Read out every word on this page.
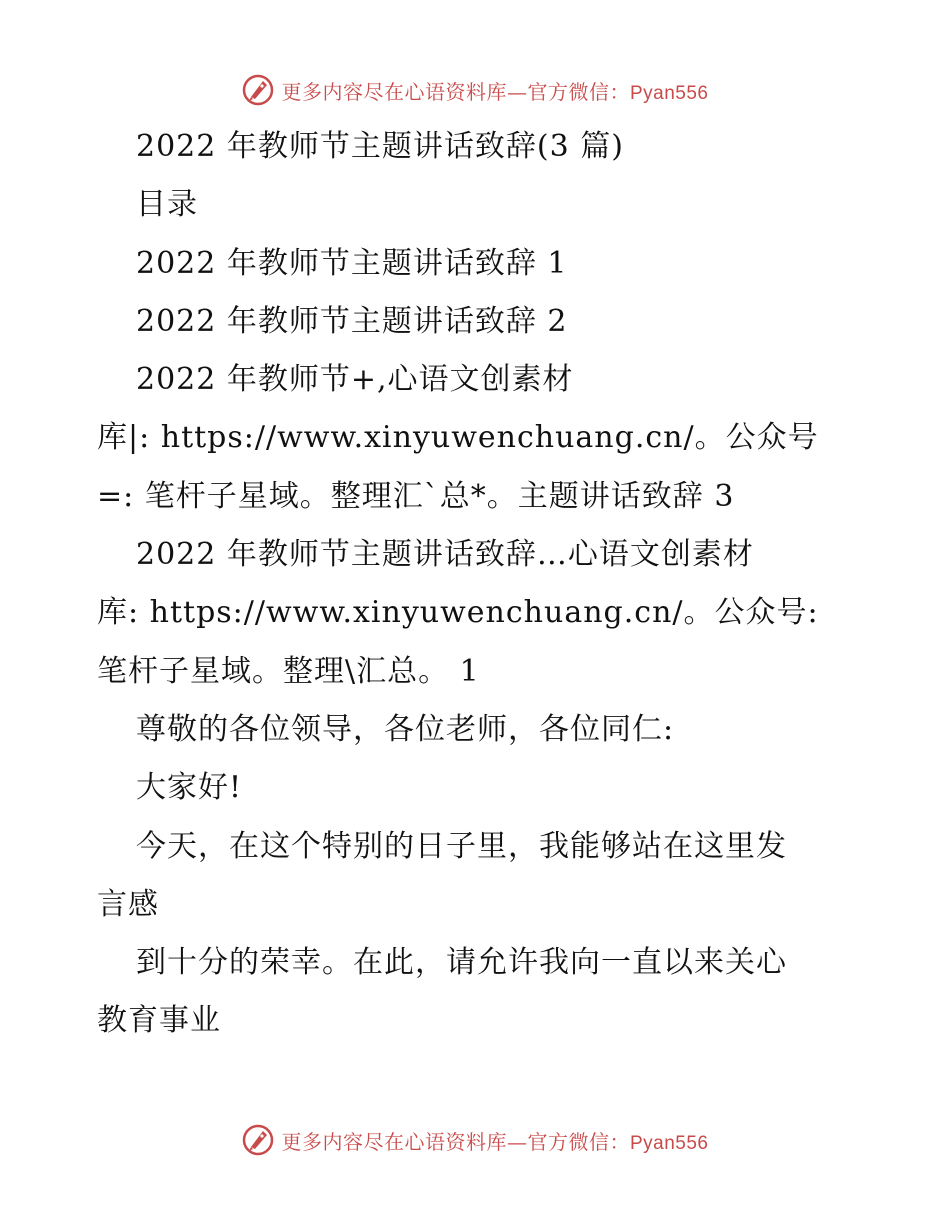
更多内容尽在心语资料库—官方微信：Pyan556
2022 年教师节主题讲话致辞(3 篇)
目录
2022 年教师节主题讲话致辞 1
2022 年教师节主题讲话致辞 2
2022 年教师节+,心语文创素材
库|: https://www.xinyuwenchuang.cn/。公众号
=: 笔杆子星域。整理汇`总*。主题讲话致辞 3
2022 年教师节主题讲话致辞…心语文创素材
库: https://www.xinyuwenchuang.cn/。公众号:
笔杆子星域。整理\汇总。 1
尊敬的各位领导，各位老师，各位同仁:
大家好!
今天，在这个特别的日子里，我能够站在这里发
言感
到十分的荣幸。在此，请允许我向一直以来关心
教育事业
更多内容尽在心语资料库—官方微信：Pyan556
